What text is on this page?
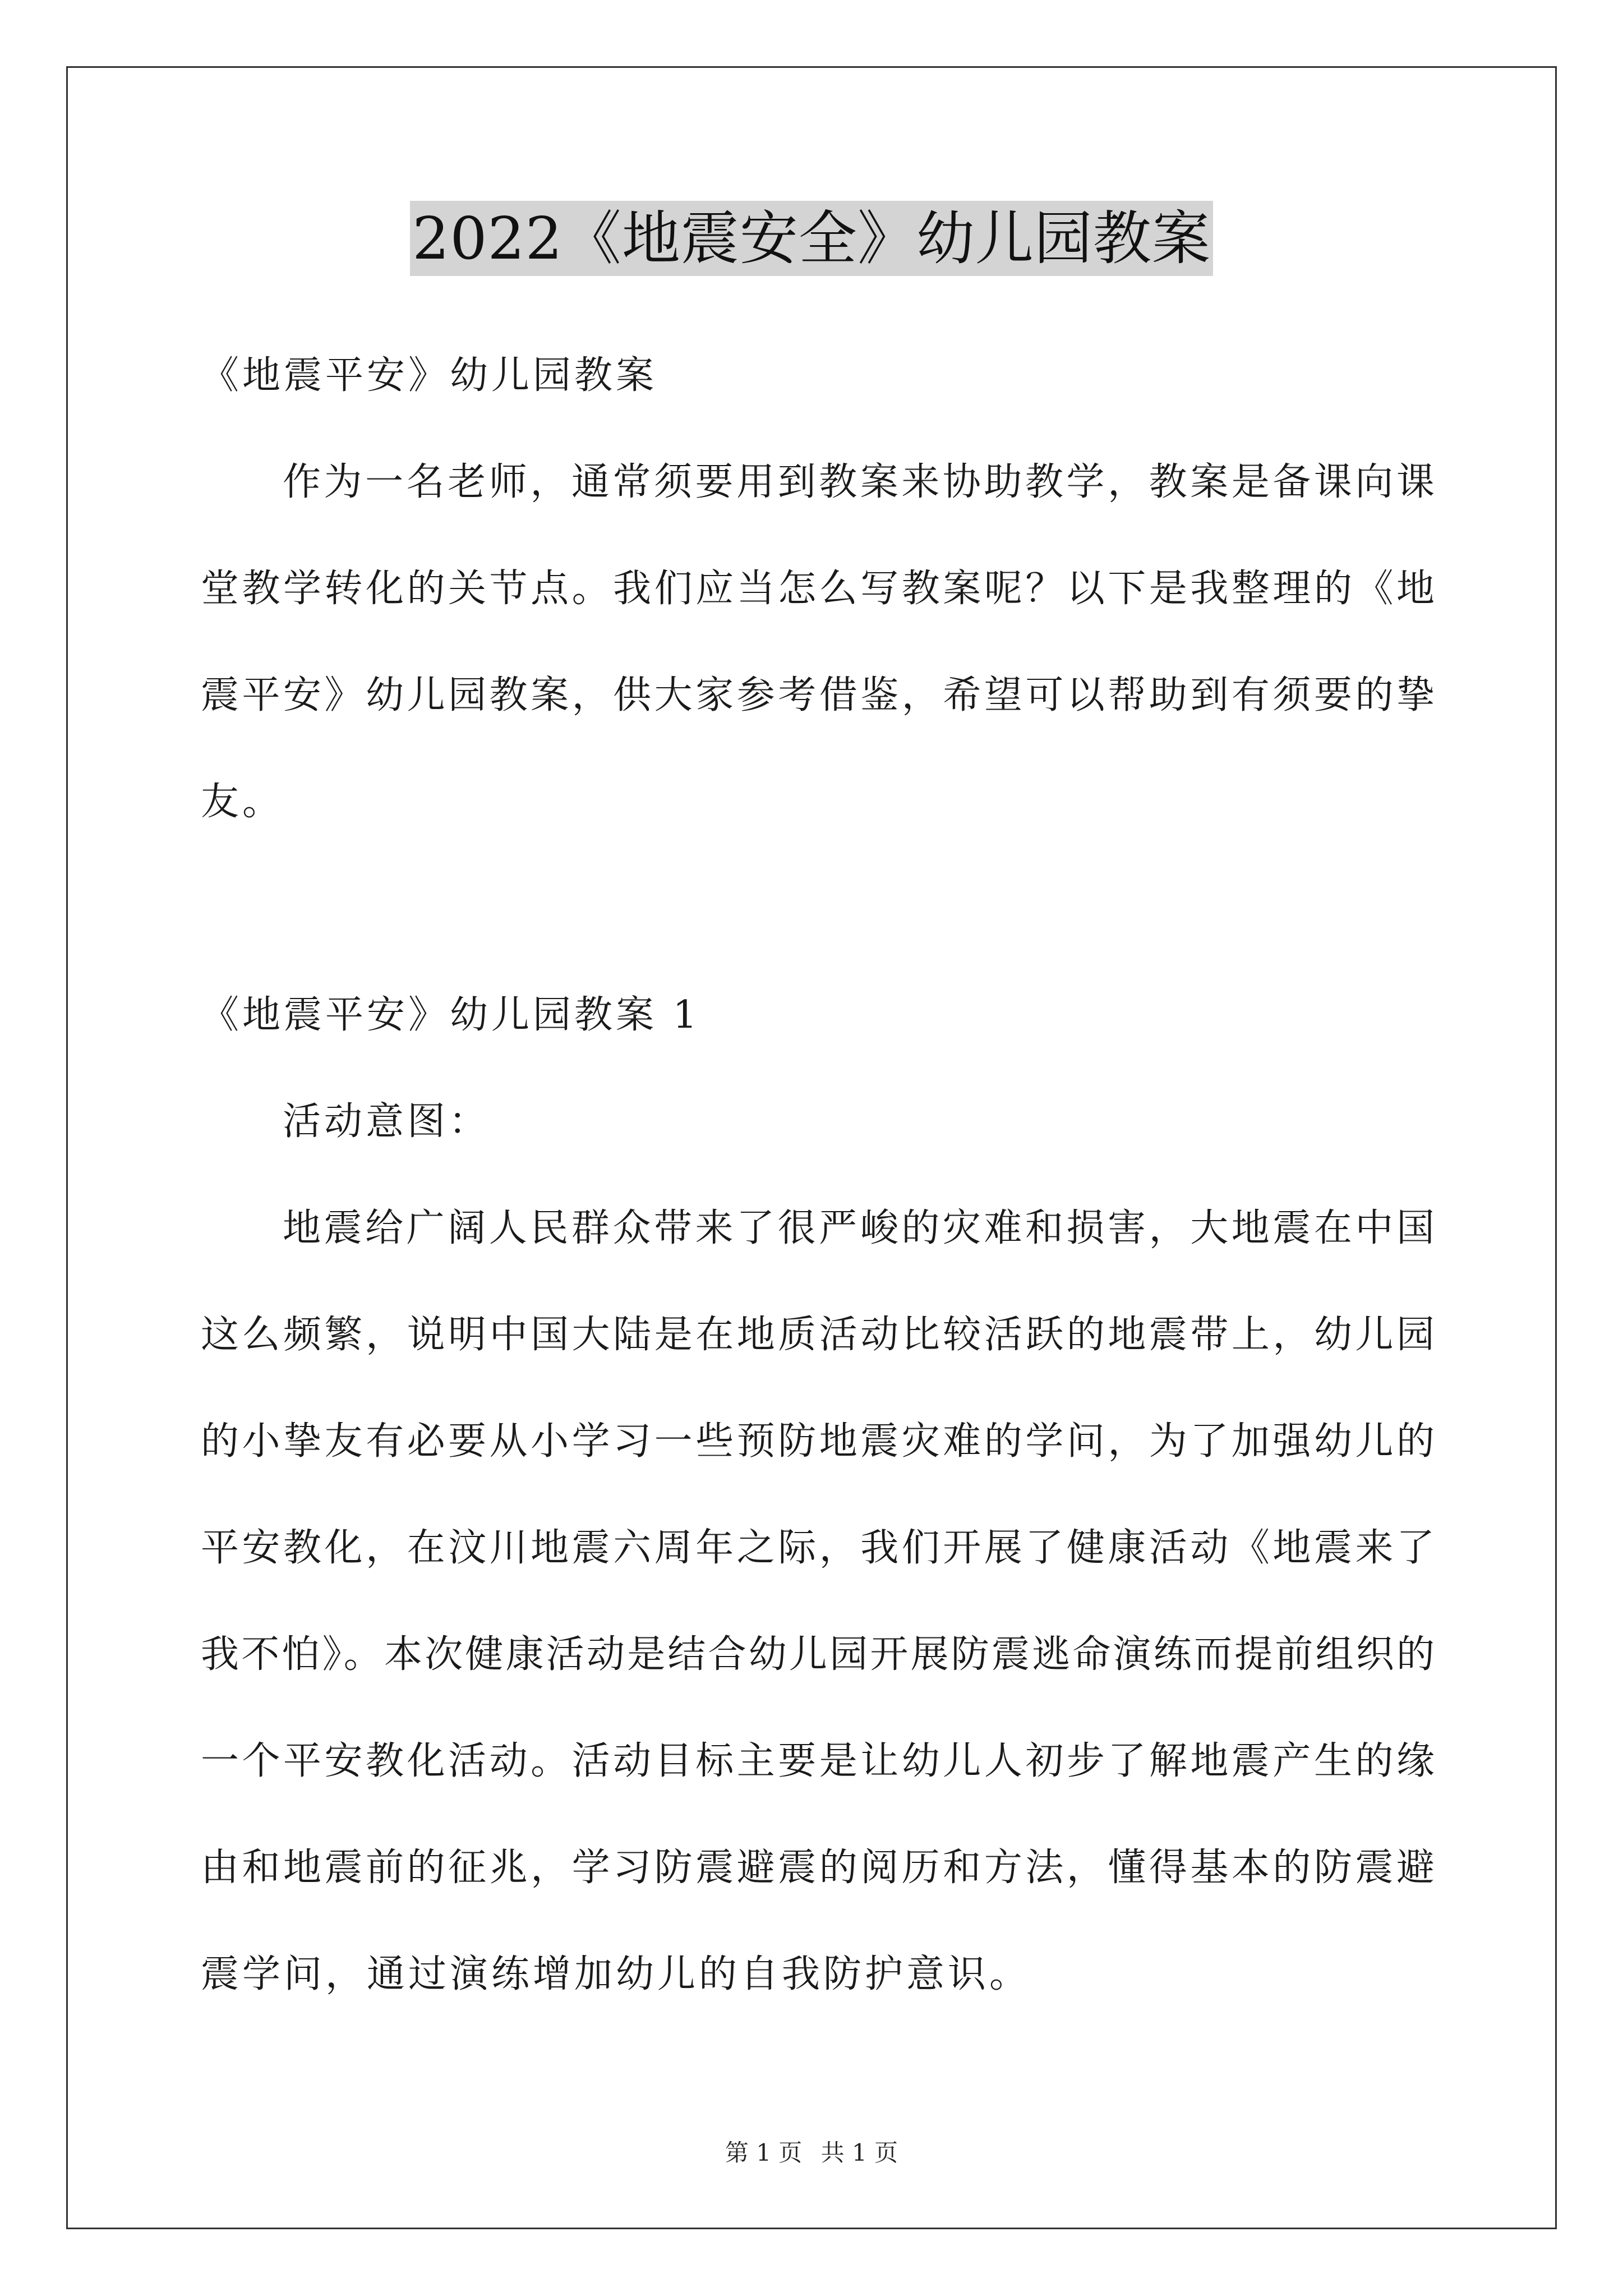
2022《地震安全》幼儿园教案
《地震平安》幼儿园教案
作为一名老师，通常须要用到教案来协助教学，教案是备课向课
堂教学转化的关节点。我们应当怎么写教案呢？以下是我整理的《地
震平安》幼儿园教案，供大家参考借鉴，希望可以帮助到有须要的挚
友。
《地震平安》幼儿园教案 1
活动意图：
地震给广阔人民群众带来了很严峻的灾难和损害，大地震在中国
这么频繁，说明中国大陆是在地质活动比较活跃的地震带上，幼儿园
的小挚友有必要从小学习一些预防地震灾难的学问，为了加强幼儿的
平安教化，在汶川地震六周年之际，我们开展了健康活动《地震来了
我不怕》。本次健康活动是结合幼儿园开展防震逃命演练而提前组织的
一个平安教化活动。活动目标主要是让幼儿人初步了解地震产生的缘
由和地震前的征兆，学习防震避震的阅历和方法，懂得基本的防震避
震学问，通过演练增加幼儿的自我防护意识。
第 1 页 共 1 页
